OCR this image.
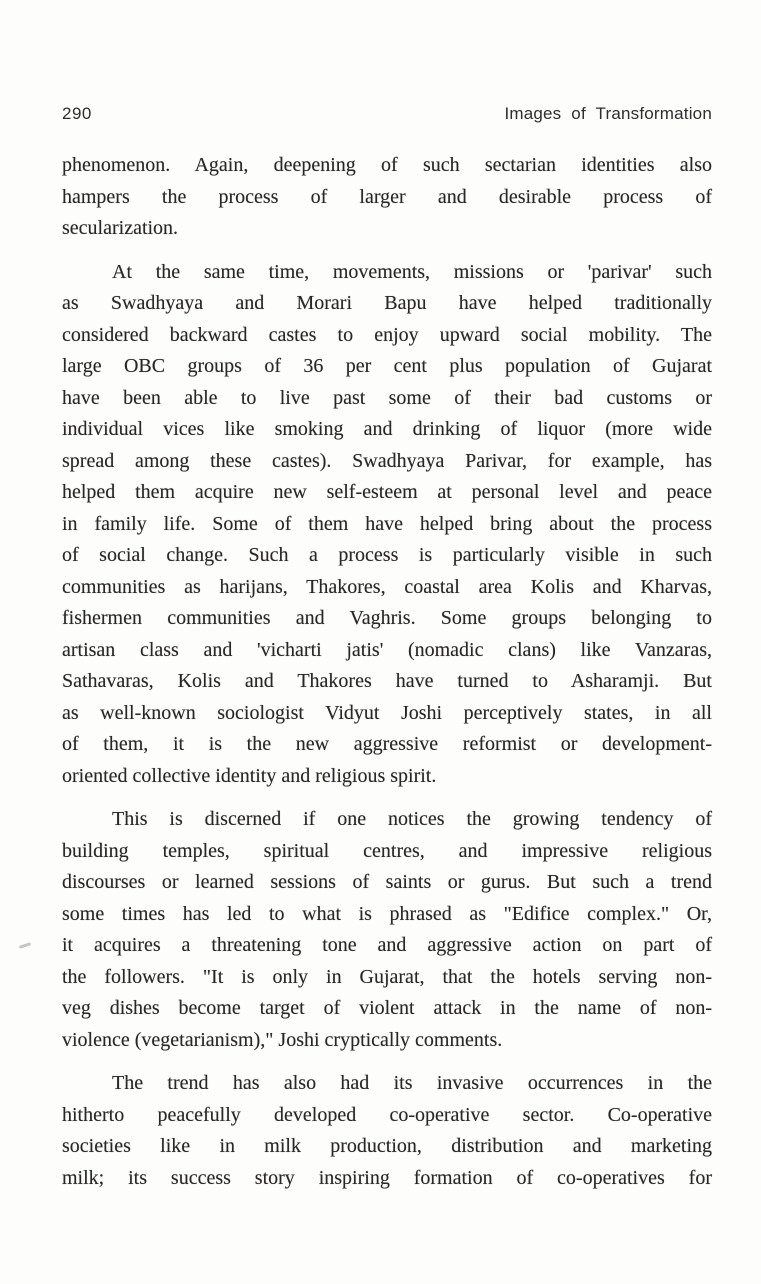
290	Images of Transformation
phenomenon. Again, deepening of such sectarian identities also
hampers the process of larger and desirable process of
secularization.
At the same time, movements, missions or 'parivar' such
as Swadhyaya and Morari Bapu have helped traditionally
considered backward castes to enjoy upward social mobility. The
large OBC groups of 36 per cent plus population of Gujarat
have been able to live past some of their bad customs or
individual vices like smoking and drinking of liquor (more wide
spread among these castes). Swadhyaya Parivar, for example, has
helped them acquire new self-esteem at personal level and peace
in family life. Some of them have helped bring about the process
of social change. Such a process is particularly visible in such
communities as harijans, Thakores, coastal area Kolis and Kharvas,
fishermen communities and Vaghris. Some groups belonging to
artisan class and 'vicharti jatis' (nomadic clans) like Vanzaras,
Sathavaras, Kolis and Thakores have turned to Asharamji. But
as well-known sociologist Vidyut Joshi perceptively states, in all
of them, it is the new aggressive reformist or development-
oriented collective identity and religious spirit.
This is discerned if one notices the growing tendency of
building temples, spiritual centres, and impressive religious
discourses or learned sessions of saints or gurus. But such a trend
some times has led to what is phrased as "Edifice complex." Or,
it acquires a threatening tone and aggressive action on part of
the followers. "It is only in Gujarat, that the hotels serving non-
veg dishes become target of violent attack in the name of non-
violence (vegetarianism)," Joshi cryptically comments.
The trend has also had its invasive occurrences in the
hitherto peacefully developed co-operative sector. Co-operative
societies like in milk production, distribution and marketing
milk; its success story inspiring formation of co-operatives for
